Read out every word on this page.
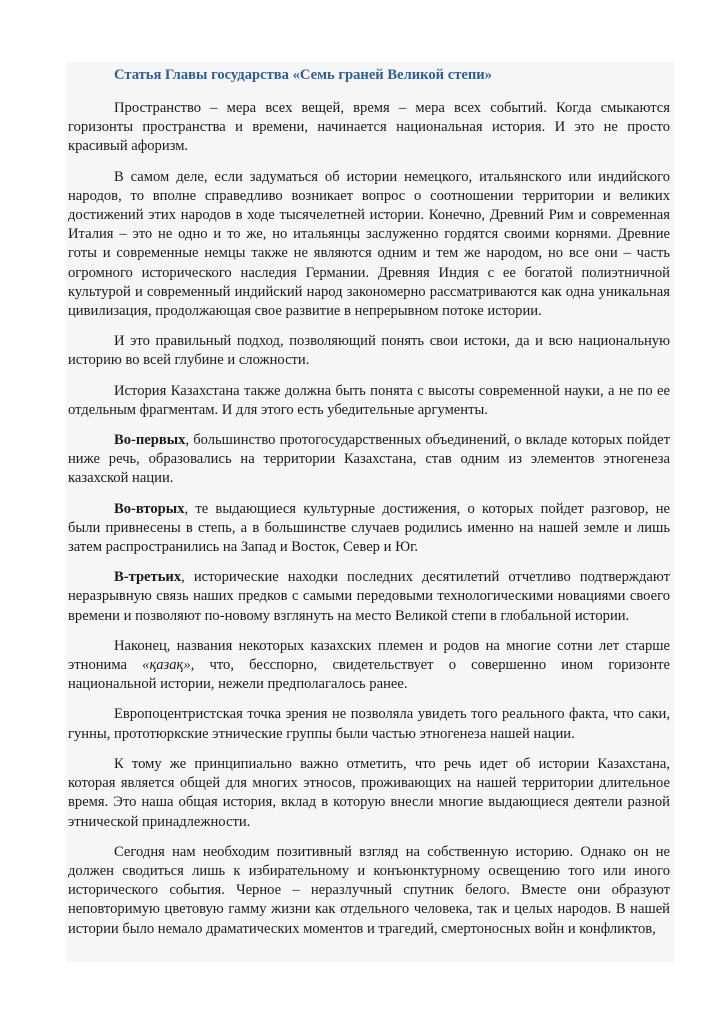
Статья Главы государства «Семь граней Великой степи»

Пространство – мера всех вещей, время – мера всех событий. Когда смыкаются горизонты пространства и времени, начинается национальная история. И это не просто красивый афоризм.

В самом деле, если задуматься об истории немецкого, итальянского или индийского народов, то вполне справедливо возникает вопрос о соотношении территории и великих достижений этих народов в ходе тысячелетней истории. Конечно, Древний Рим и современная Италия – это не одно и то же, но итальянцы заслуженно гордятся своими корнями. Древние готы и современные немцы также не являются одним и тем же народом, но все они – часть огромного исторического наследия Германии. Древняя Индия с ее богатой полиэтничной культурой и современный индийский народ закономерно рассматриваются как одна уникальная цивилизация, продолжающая свое развитие в непрерывном потоке истории.

И это правильный подход, позволяющий понять свои истоки, да и всю национальную историю во всей глубине и сложности.

История Казахстана также должна быть понята с высоты современной науки, а не по ее отдельным фрагментам. И для этого есть убедительные аргументы.

Во-первых, большинство протогосударственных объединений, о вкладе которых пойдет ниже речь, образовались на территории Казахстана, став одним из элементов этногенеза казахской нации.

Во-вторых, те выдающиеся культурные достижения, о которых пойдет разговор, не были привнесены в степь, а в большинстве случаев родились именно на нашей земле и лишь затем распространились на Запад и Восток, Север и Юг.

В-третьих, исторические находки последних десятилетий отчетливо подтверждают неразрывную связь наших предков с самыми передовыми технологическими новациями своего времени и позволяют по-новому взглянуть на место Великой степи в глобальной истории.

Наконец, названия некоторых казахских племен и родов на многие сотни лет старше этнонима «қазақ», что, бесспорно, свидетельствует о совершенно ином горизонте национальной истории, нежели предполагалось ранее.

Европоцентристская точка зрения не позволяла увидеть того реального факта, что саки, гунны, прототюркские этнические группы были частью этногенеза нашей нации.

К тому же принципиально важно отметить, что речь идет об истории Казахстана, которая является общей для многих этносов, проживающих на нашей территории длительное время. Это наша общая история, вклад в которую внесли многие выдающиеся деятели разной этнической принадлежности.

Сегодня нам необходим позитивный взгляд на собственную историю. Однако он не должен сводиться лишь к избирательному и конъюнктурному освещению того или иного исторического события. Черное – неразлучный спутник белого. Вместе они образуют неповторимую цветовую гамму жизни как отдельного человека, так и целых народов. В нашей истории было немало драматических моментов и трагедий, смертоносных войн и конфликтов,
